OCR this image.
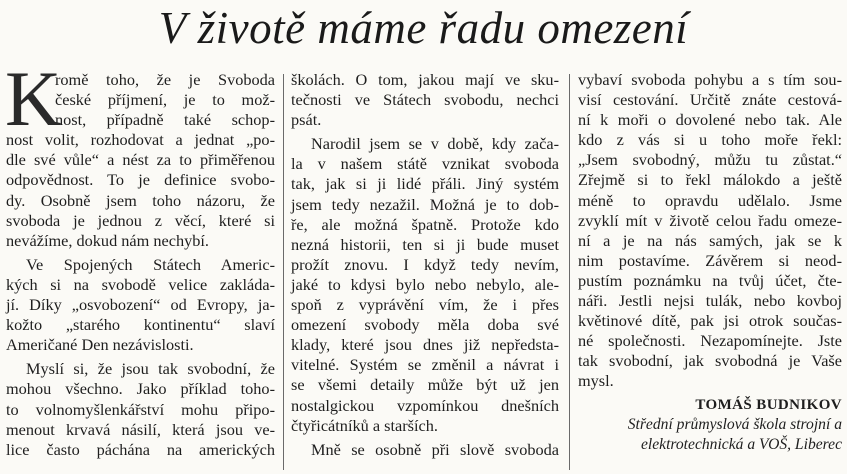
V životě máme řadu omezení
K
romě toho, že je Svoboda
české příjmení, je to mož-
nost, případně také schop-
nost volit, rozhodovat a jednat „po-
dle své vůle“ a nést za to přiměřenou
odpovědnost. To je definice svobo-
dy. Osobně jsem toho názoru, že
svoboda je jednou z věcí, které si
nevážíme, dokud nám nechybí.
Ve Spojených Státech Americ-
kých si na svobodě velice zakláda-
jí. Díky „osvobození“ od Evropy, ja-
kožto „starého kontinentu“ slaví
Američané Den nezávislosti.
Myslí si, že jsou tak svobodní, že
mohou všechno. Jako příklad toho-
to volnomyšlenkářství mohu připo-
menout krvavá násilí, která jsou ve-
lice často páchána na amerických
školách. O tom, jakou mají ve sku-
tečnosti ve Státech svobodu, nechci
psát.
Narodil jsem se v době, kdy zača-
la v našem státě vznikat svoboda
tak, jak si ji lidé přáli. Jiný systém
jsem tedy nezažil. Možná je to dob-
ře, ale možná špatně. Protože kdo
nezná historii, ten si ji bude muset
prožít znovu. I když tedy nevím,
jaké to kdysi bylo nebo nebylo, ale-
spoň z vyprávění vím, že i přes
omezení svobody měla doba své
klady, které jsou dnes již nepředsta-
vitelné. Systém se změnil a návrat i
se všemi detaily může být už jen
nostalgickou vzpomínkou dnešních
čtyřicátníků a starších.
Mně se osobně při slově svoboda
vybaví svoboda pohybu a s tím sou-
visí cestování. Určitě znáte cestová-
ní k moři o dovolené nebo tak. Ale
kdo z vás si u toho moře řekl:
„Jsem svobodný, můžu tu zůstat.“
Zřejmě si to řekl málokdo a ještě
méně to opravdu udělalo. Jsme
zvyklí mít v životě celou řadu omeze-
ní a je na nás samých, jak se k
nim postavíme. Závěrem si neod-
pustím poznámku na tvůj účet, čte-
náři. Jestli nejsi tulák, nebo kovboj
květinové dítě, pak jsi otrok součas-
né společnosti. Nezapomínejte. Jste
tak svobodní, jak svobodná je Vaše
mysl.
TOMÁŠ BUDNIKOV
Střední průmyslová škola strojní a
elektrotechnická a VOŠ, Liberec
